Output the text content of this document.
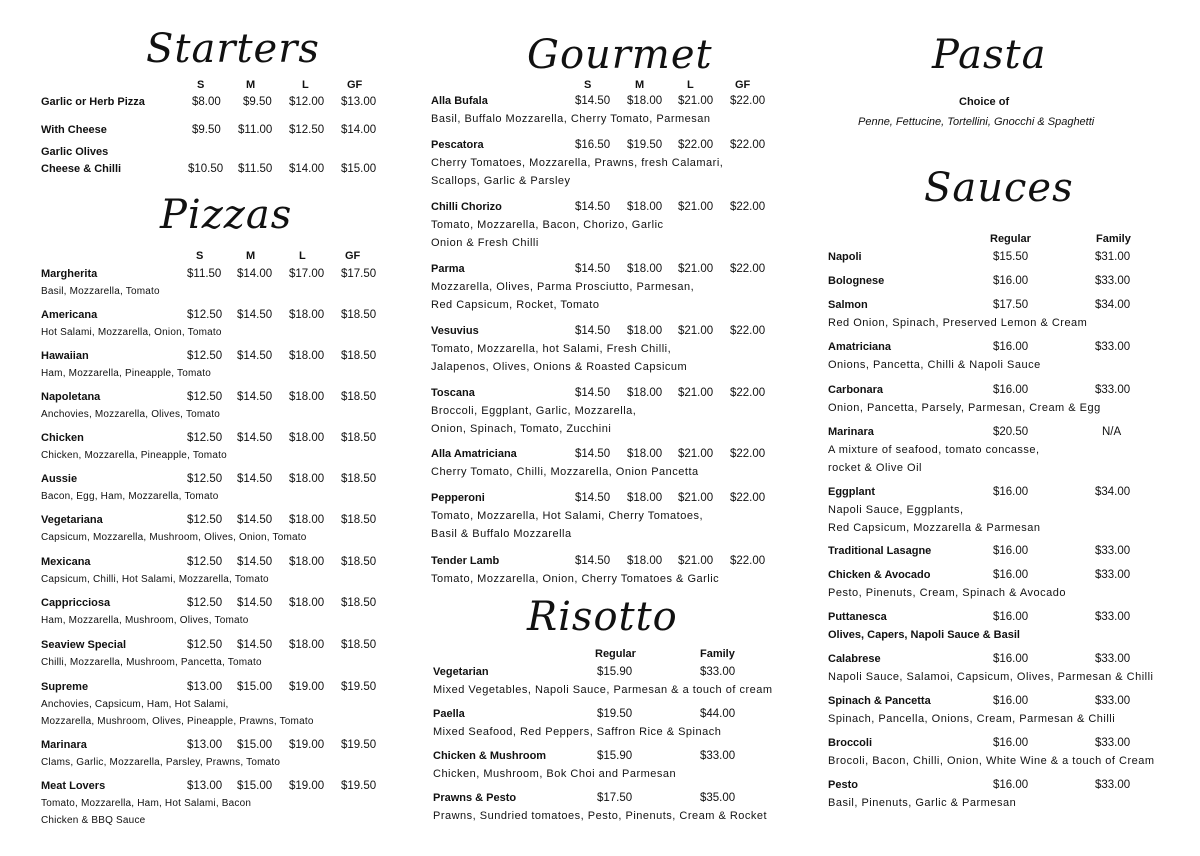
Starters
S	M	L	GF
Garlic or Herb Pizza	$8.00 $9.50 $12.00 $13.00
With Cheese	$9.50 $11.00 $12.50 $14.00
Garlic Olives
Cheese & Chilli	$10.50 $11.50 $14.00 $15.00
Pizzas
S	M	L	GF
Margherita	$11.50 $14.00 $17.00 $17.50
Basil, Mozzarella, Tomato
Americana	$12.50 $14.50 $18.00 $18.50
Hot Salami, Mozzarella, Onion, Tomato
Hawaiian	$12.50 $14.50 $18.00 $18.50
Ham, Mozzarella, Pineapple, Tomato
Napoletana	$12.50 $14.50 $18.00 $18.50
Anchovies, Mozzarella, Olives, Tomato
Chicken	$12.50 $14.50 $18.00 $18.50
Chicken, Mozzarella, Pineapple, Tomato
Aussie	$12.50 $14.50 $18.00 $18.50
Bacon, Egg, Ham, Mozzarella, Tomato
Vegetariana	$12.50 $14.50 $18.00 $18.50
Capsicum, Mozzarella, Mushroom, Olives, Onion, Tomato
Mexicana	$12.50 $14.50 $18.00 $18.50
Capsicum, Chilli, Hot Salami, Mozzarella, Tomato
Cappricciosa	$12.50 $14.50 $18.00 $18.50
Ham, Mozzarella, Mushroom, Olives, Tomato
Seaview Special	$12.50 $14.50 $18.00 $18.50
Chilli, Mozzarella, Mushroom, Pancetta, Tomato
Supreme	$13.00 $15.00 $19.00 $19.50
Anchovies, Capsicum, Ham, Hot Salami,
Mozzarella, Mushroom, Olives, Pineapple, Prawns, Tomato
Marinara	$13.00 $15.00 $19.00 $19.50
Clams, Garlic, Mozzarella, Parsley, Prawns, Tomato
Meat Lovers	$13.00 $15.00 $19.00 $19.50
Tomato, Mozzarella, Ham, Hot Salami, Bacon
Chicken & BBQ Sauce
Gourmet
S	M	L	GF
Alla Bufala	$14.50 $18.00 $21.00 $22.00
Basil, Buffalo Mozzarella, Cherry Tomato, Parmesan
Pescatora	$16.50 $19.50 $22.00 $22.00
Cherry Tomatoes, Mozzarella, Prawns, fresh Calamari,
Scallops, Garlic & Parsley
Chilli Chorizo	$14.50 $18.00 $21.00 $22.00
Tomato, Mozzarella, Bacon, Chorizo, Garlic
Onion & Fresh Chilli
Parma	$14.50 $18.00 $21.00 $22.00
Mozzarella, Olives, Parma Prosciutto, Parmesan,
Red Capsicum, Rocket, Tomato
Vesuvius	$14.50 $18.00 $21.00 $22.00
Tomato, Mozzarella, hot Salami, Fresh Chilli,
Jalapenos, Olives, Onions & Roasted Capsicum
Toscana	$14.50 $18.00 $21.00 $22.00
Broccoli, Eggplant, Garlic, Mozzarella,
Onion, Spinach, Tomato, Zucchini
Alla Amatriciana	$14.50 $18.00 $21.00 $22.00
Cherry Tomato, Chilli, Mozzarella, Onion Pancetta
Pepperoni	$14.50 $18.00 $21.00 $22.00
Tomato, Mozzarella, Hot Salami, Cherry Tomatoes,
Basil & Buffalo Mozzarella
Tender Lamb	$14.50 $18.00 $21.00 $22.00
Tomato, Mozzarella, Onion, Cherry Tomatoes & Garlic
Risotto
Regular	Family
Vegetarian	$15.90	$33.00
Mixed Vegetables, Napoli Sauce, Parmesan & a touch of cream
Paella	$19.50	$44.00
Mixed Seafood, Red Peppers, Saffron Rice & Spinach
Chicken & Mushroom	$15.90	$33.00
Chicken, Mushroom, Bok Choi and Parmesan
Prawns & Pesto	$17.50	$35.00
Prawns, Sundried tomatoes, Pesto, Pinenuts, Cream & Rocket
Pasta
Choice of
Penne, Fettucine, Tortellini, Gnocchi & Spaghetti
Sauces
Regular	Family
Napoli	$15.50	$31.00
Bolognese	$16.00	$33.00
Salmon	$17.50	$34.00
Red Onion, Spinach, Preserved Lemon & Cream
Amatriciana	$16.00	$33.00
Onions, Pancetta, Chilli & Napoli Sauce
Carbonara	$16.00	$33.00
Onion, Pancetta, Parsely, Parmesan, Cream & Egg
Marinara	$20.50	N/A
A mixture of seafood, tomato concasse,
rocket & Olive Oil
Eggplant	$16.00	$34.00
Napoli Sauce, Eggplants,
Red Capsicum, Mozzarella & Parmesan
Traditional Lasagne	$16.00	$33.00
Chicken & Avocado	$16.00	$33.00
Pesto, Pinenuts, Cream, Spinach & Avocado
Puttanesca	$16.00	$33.00
Olives, Capers, Napoli Sauce & Basil
Calabrese	$16.00	$33.00
Napoli Sauce, Salamoi, Capsicum, Olives, Parmesan & Chilli
Spinach & Pancetta	$16.00	$33.00
Spinach, Pancella, Onions, Cream, Parmesan & Chilli
Broccoli	$16.00	$33.00
Brocoli, Bacon, Chilli, Onion, White Wine & a touch of Cream
Pesto	$16.00	$33.00
Basil, Pinenuts, Garlic & Parmesan
